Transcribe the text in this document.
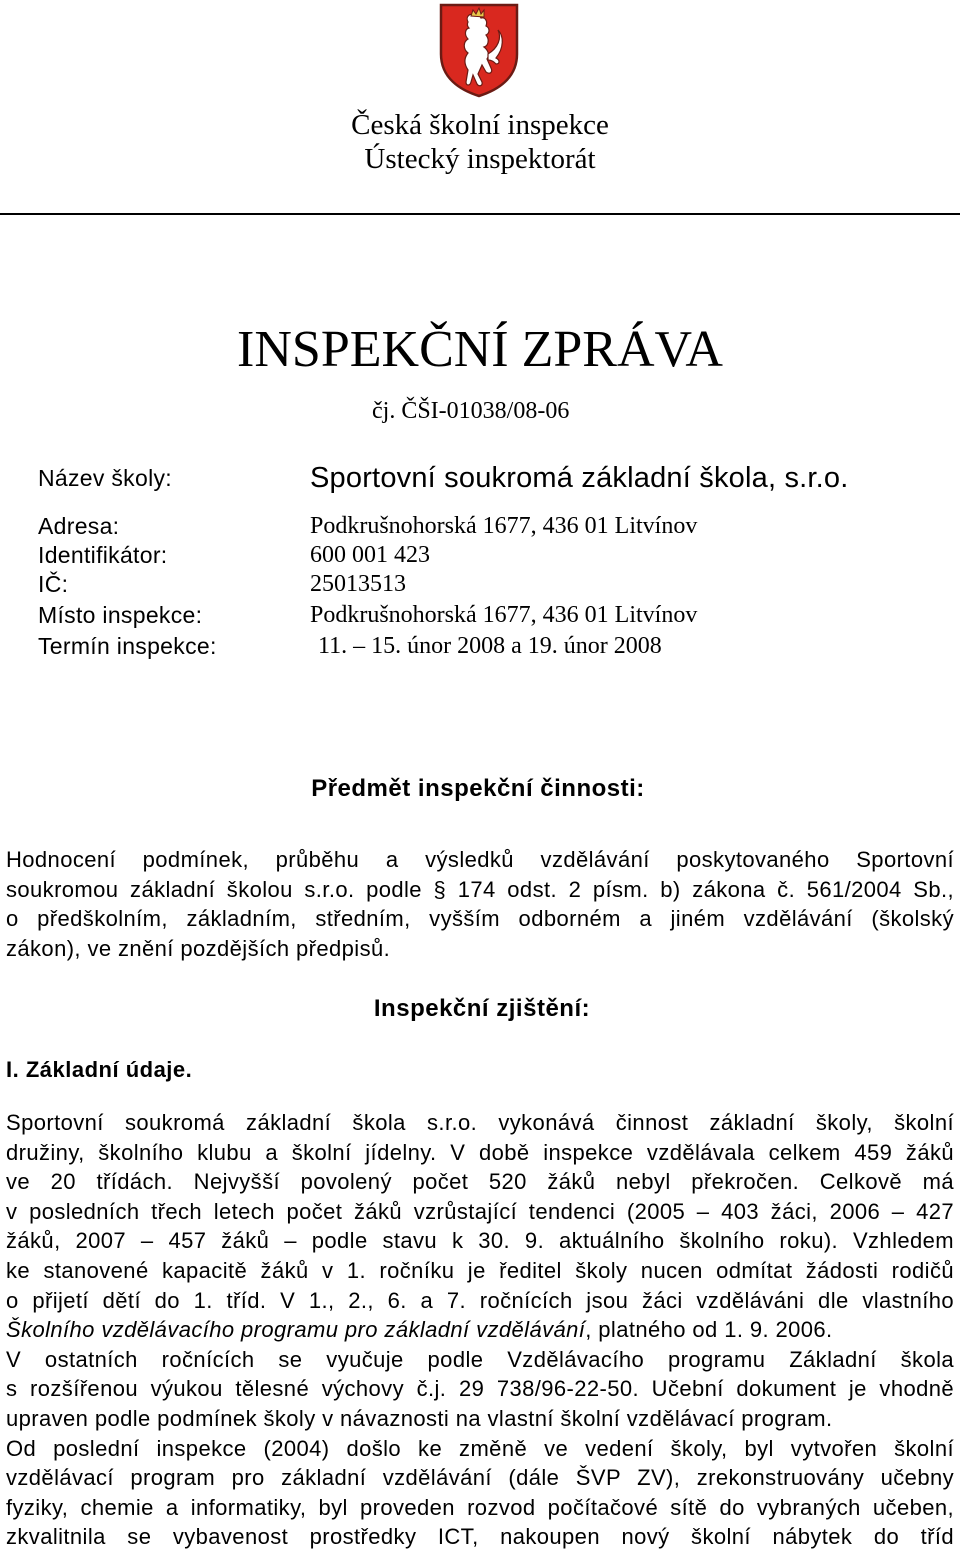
Česká školní inspekce
Ústecký inspektorát
INSPEKČNÍ ZPRÁVA
čj. ČŠI-01038/08-06
Název školy:	Sportovní soukromá základní škola, s.r.o.
Adresa:	Podkrušnohorská 1677, 436 01 Litvínov
Identifikátor:	600 001 423
IČ:	25013513
Místo inspekce:	Podkrušnohorská 1677, 436 01 Litvínov
Termín inspekce:	11. – 15. únor 2008 a 19. únor 2008
Předmět inspekční činnosti:
Hodnocení podmínek, průběhu a výsledků vzdělávání poskytovaného Sportovní
soukromou základní školou s.r.o. podle § 174 odst. 2 písm. b) zákona č. 561/2004 Sb.,
o předškolním, základním, středním, vyšším odborném a jiném vzdělávání (školský
zákon), ve znění pozdějších předpisů.
Inspekční zjištění:
I. Základní údaje.
Sportovní soukromá základní škola s.r.o. vykonává činnost základní školy, školní
družiny, školního klubu a školní jídelny. V době inspekce vzdělávala celkem 459 žáků
ve 20 třídách. Nejvyšší povolený počet 520 žáků nebyl překročen. Celkově má
v posledních třech letech počet žáků vzrůstající tendenci (2005 – 403 žáci, 2006 – 427
žáků, 2007 – 457 žáků – podle stavu k 30. 9. aktuálního školního roku). Vzhledem
ke stanovené kapacitě žáků v 1. ročníku je ředitel školy nucen odmítat žádosti rodičů
o přijetí dětí do 1. tříd. V 1., 2., 6. a 7. ročnících jsou žáci vzděláváni dle vlastního
Školního vzdělávacího programu pro základní vzdělávání, platného od 1. 9. 2006.
V ostatních ročnících se vyučuje podle Vzdělávacího programu Základní škola
s rozšířenou výukou tělesné výchovy č.j. 29 738/96-22-50. Učební dokument je vhodně
upraven podle podmínek školy v návaznosti na vlastní školní vzdělávací program.
Od poslední inspekce (2004) došlo ke změně ve vedení školy, byl vytvořen školní
vzdělávací program pro základní vzdělávání (dále ŠVP ZV), zrekonstruovány učebny
fyziky, chemie a informatiky, byl proveden rozvod počítačové sítě do vybraných učeben,
zkvalitnila se vybavenost prostředky ICT, nakoupen nový školní nábytek do tříd
